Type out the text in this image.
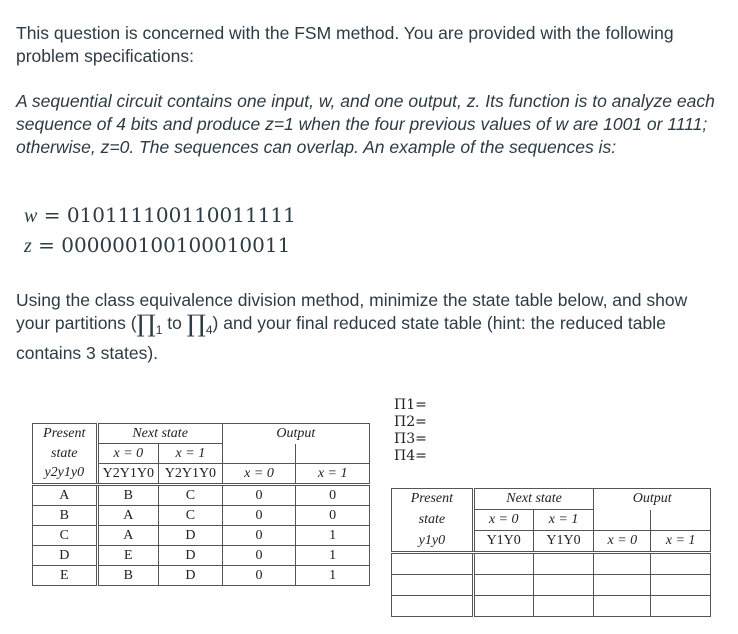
This question is concerned with the FSM method. You are provided with the following problem specifications:

A sequential circuit contains one input, w, and one output, z. Its function is to analyze each sequence of 4 bits and produce z=1 when the four previous values of w are 1001 or 1111; otherwise, z=0. The sequences can overlap. An example of the sequences is:

w = 010111100110011111
z = 000000100100010011

Using the class equivalence division method, minimize the state table below, and show your partitions ($\prod_1$ to $\prod_4$) and your final reduced state table (hint: the reduced table contains 3 states).

Present	Next state		Output	
state	x = 0	x = 1		
y2y1y0	Y2Y1Y0	Y2Y1Y0	x = 0	x = 1
A	B	C	0	0
B	A	C	0	0
C	A	D	0	1
D	E	D	0	1
E	B	D	0	1
Π1=
Π2=
Π3=
Π4=
Present	Next state		Output	
state	x = 0	x = 1		
y1y0	Y1Y0	Y1Y0	x = 0	x = 1
